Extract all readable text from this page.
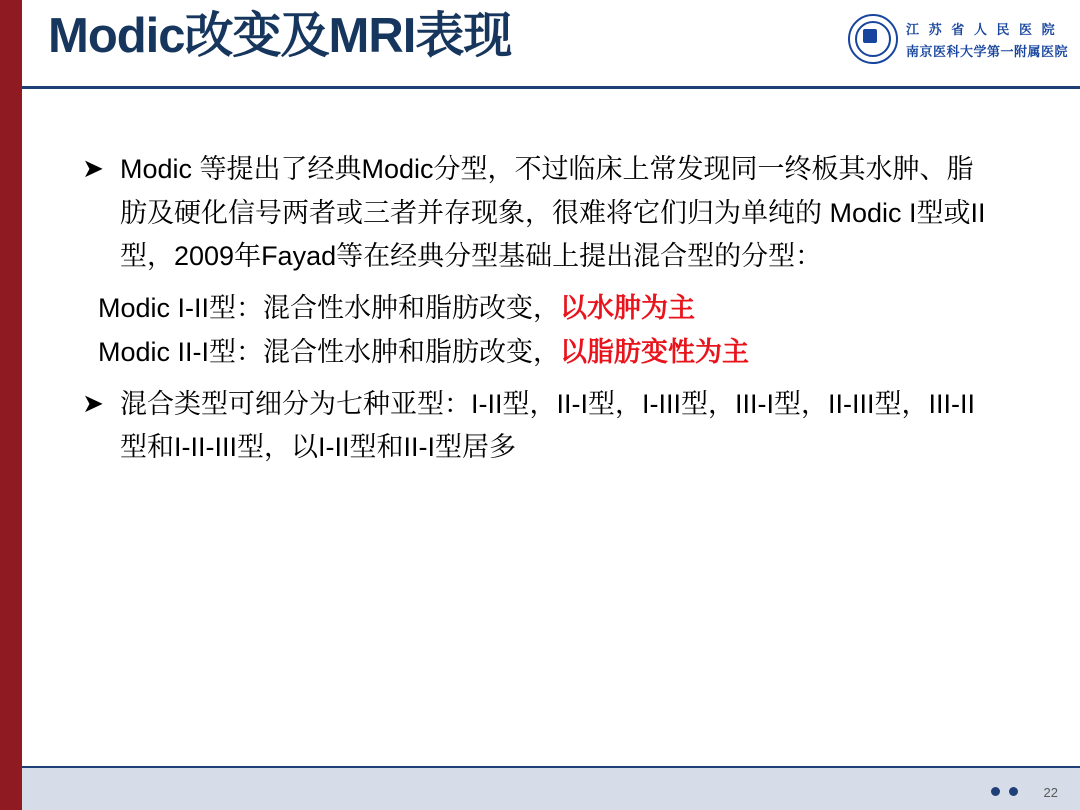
Modic改变及MRI表现	江 苏 省 人 民 医 院
南京医科大学第一附属医院
➤ Modic 等提出了经典Modic分型，不过临床上常发现同一终板其水肿、脂肪及硬化信号两者或三者并存现象，很难将它们归为单纯的 Modic I型或II型，2009年Fayad等在经典分型基础上提出混合型的分型：
Modic I-II型：混合性水肿和脂肪改变，以水肿为主
Modic II-I型：混合性水肿和脂肪改变，以脂肪变性为主
➤ 混合类型可细分为七种亚型：I-II型，II-I型，I-III型，III-I型，II-III型，III-II型和I-II-III型，以I-II型和II-I型居多
22
